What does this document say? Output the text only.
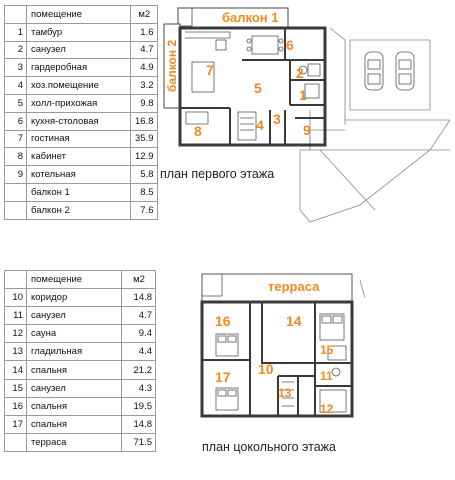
	помещение	м2
1	тамбур	1.6
2	санузел	4.7
3	гардеробная	4.9
4	хоз.помещение	3.2
5	холл-прихожая	9.8
6	кухня-столовая	16.8
7	гостиная	35.9
8	кабинет	12.9
9	котельная	5.8
	балкон 1	8.5
	балкон 2	7.6
	помещение	м2
10	коридор	14.8
11	санузел	4.7
12	сауна	9.4
13	гладильная	4.4
14	спальня	21.2
15	санузел	4.3
16	спальня	19.5
17	спальня	14.8
	терраса	71.5
балкон 1
балкон 2 7
6
5
2
1
8	4 3
9
план первого этажа
терраса
16	14
15
10	11
17
13
12
план цокольного этажа
